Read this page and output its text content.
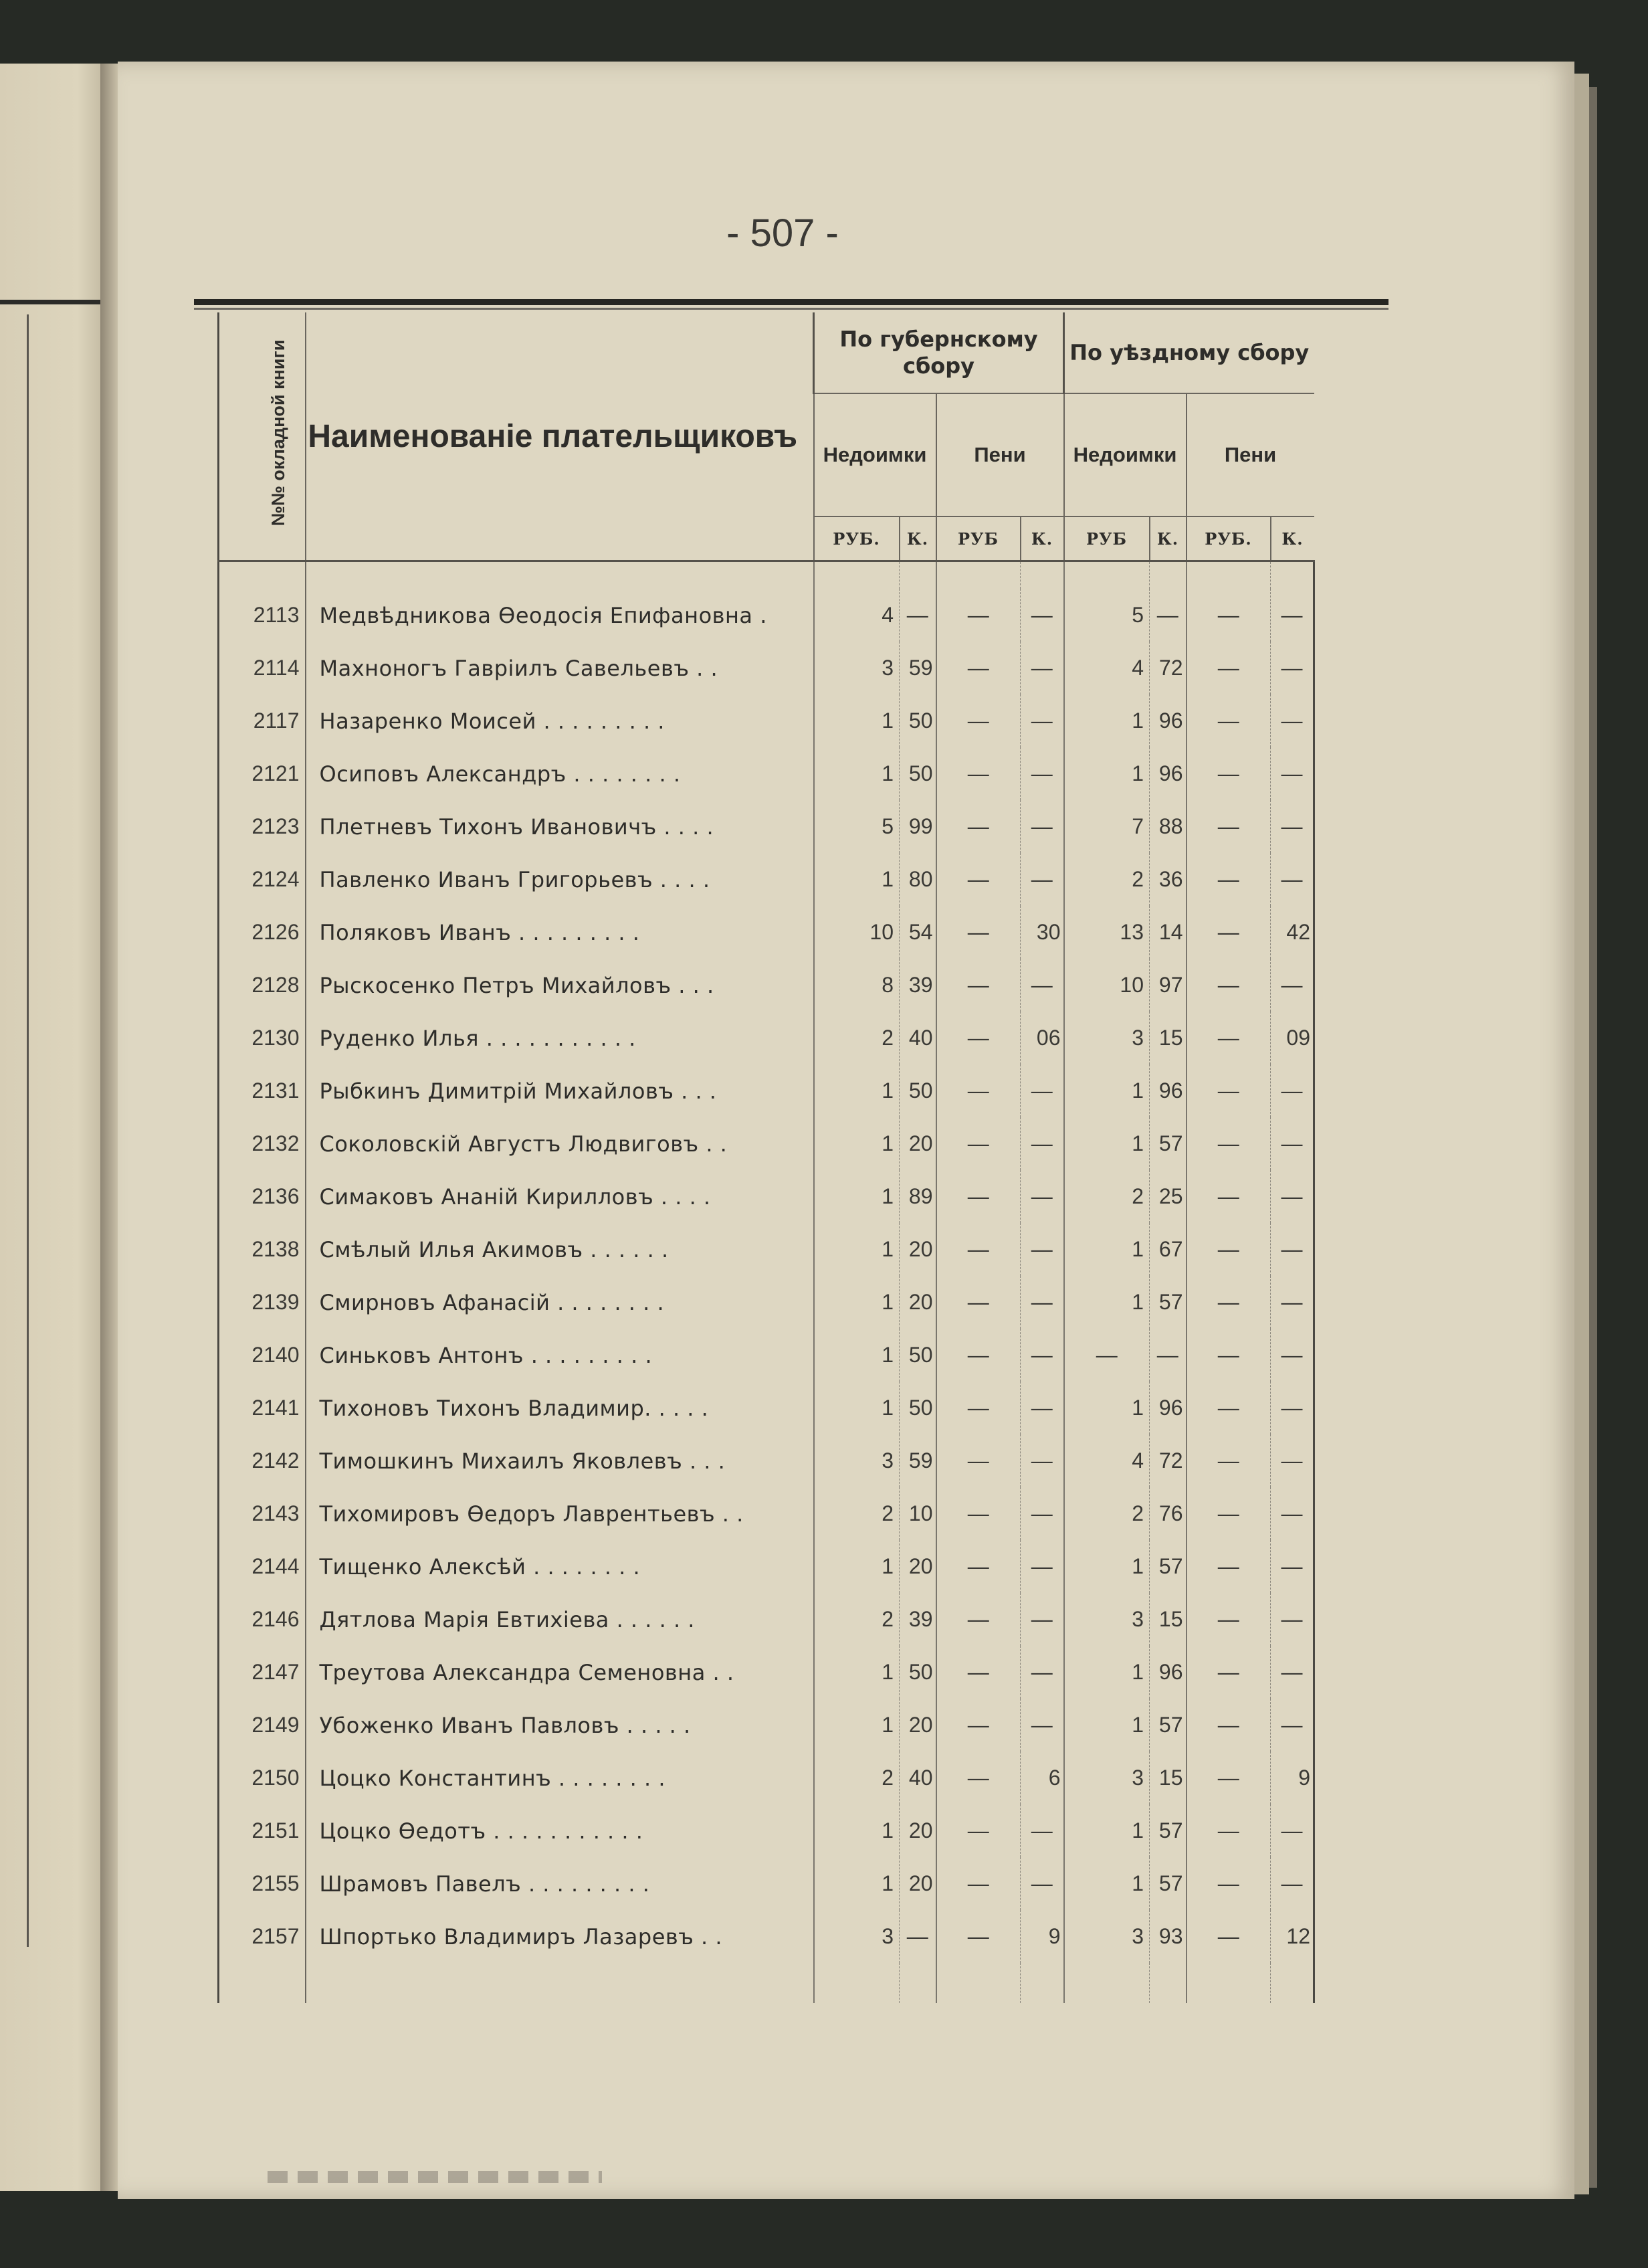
- 507 -
№№ окладной книги	Наименованіе плательщиковъ	По губернскому сбору				По уѣздному сбору			
		Недоимки		Пени		Недоимки		Пени	
		РУБ.	К.	РУБ	К.	РУБ	К.	РУБ.	К.

2113	Медвѣдникова Ѳеодосія Епифановна .	4	—	—	—	5	—	—	—
2114	Махноногъ Гавріилъ Савельевъ . .	3	59	—	—	4	72	—	—
2117	Назаренко Моисей . . . . . . . . .	1	50	—	—	1	96	—	—
2121	Осиповъ Александръ . . . . . . . .	1	50	—	—	1	96	—	—
2123	Плетневъ Тихонъ Ивановичъ . . . .	5	99	—	—	7	88	—	—
2124	Павленко Иванъ Григорьевъ . . . .	1	80	—	—	2	36	—	—
2126	Поляковъ Иванъ . . . . . . . . .	10	54	—	30	13	14	—	42
2128	Рыскосенко Петръ Михайловъ . . .	8	39	—	—	10	97	—	—
2130	Руденко Илья . . . . . . . . . . .	2	40	—	06	3	15	—	09
2131	Рыбкинъ Димитрій Михайловъ . . .	1	50	—	—	1	96	—	—
2132	Соколовскій Августъ Людвиговъ . .	1	20	—	—	1	57	—	—
2136	Симаковъ Ананій Кирилловъ . . . .	1	89	—	—	2	25	—	—
2138	Смѣлый Илья Акимовъ . . . . . .	1	20	—	—	1	67	—	—
2139	Смирновъ Афанасій . . . . . . . .	1	20	—	—	1	57	—	—
2140	Синьковъ Антонъ . . . . . . . . .	1	50	—	—	—	—	—	—
2141	Тихоновъ Тихонъ Владимир. . . . .	1	50	—	—	1	96	—	—
2142	Тимошкинъ Михаилъ Яковлевъ . . .	3	59	—	—	4	72	—	—
2143	Тихомировъ Ѳедоръ Лаврентьевъ . .	2	10	—	—	2	76	—	—
2144	Тищенко Алексѣй . . . . . . . .	1	20	—	—	1	57	—	—
2146	Дятлова Марія Евтихіева . . . . . .	2	39	—	—	3	15	—	—
2147	Треутова Александра Семеновна . .	1	50	—	—	1	96	—	—
2149	Убоженко Иванъ Павловъ . . . . .	1	20	—	—	1	57	—	—
2150	Цоцко Константинъ . . . . . . . .	2	40	—	6	3	15	—	9
2151	Цоцко Ѳедотъ . . . . . . . . . . .	1	20	—	—	1	57	—	—
2155	Шрамовъ Павелъ . . . . . . . . .	1	20	—	—	1	57	—	—
2157	Шпортько Владимиръ Лазаревъ . .	3	—	—	9	3	93	—	12
